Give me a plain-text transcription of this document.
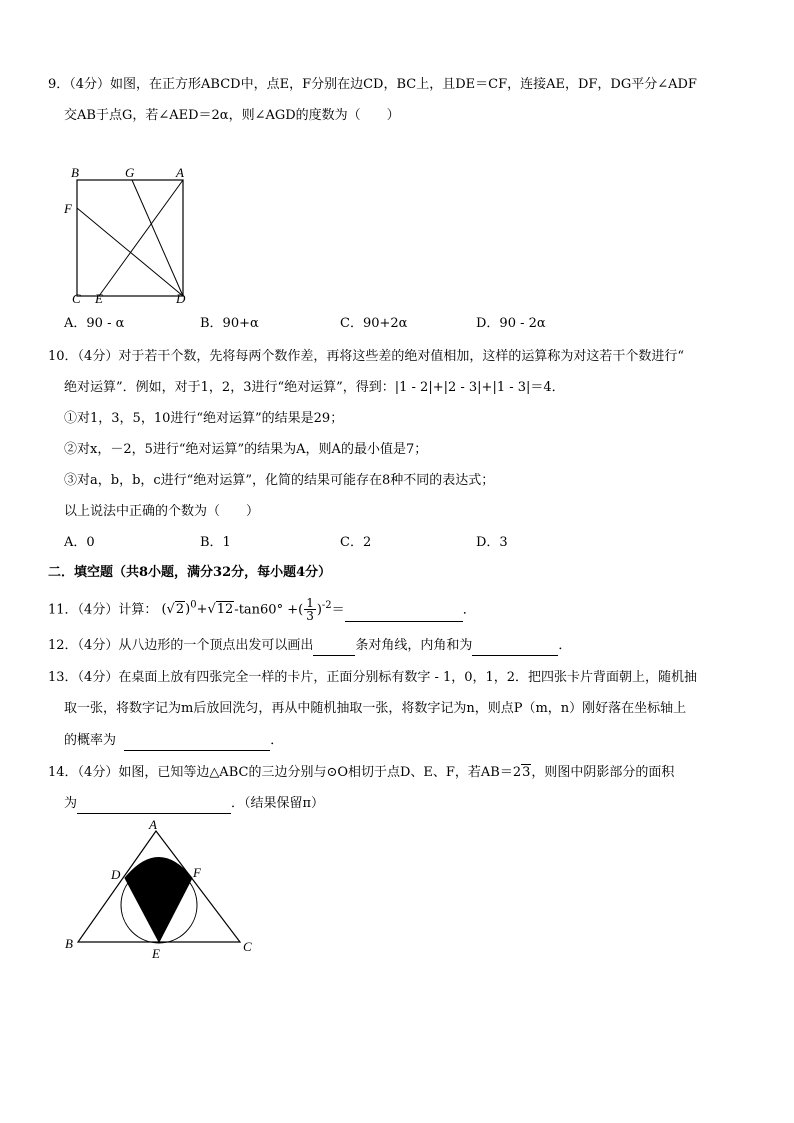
9．（4分）如图，在正方形ABCD中，点E，F分别在边CD，BC上，且DE＝CF，连接AE，DF，DG平分∠ADF
交AB于点G，若∠AED＝2α，则∠AGD的度数为（　　）
B	G	A
F
C E	D
A．90 - α	B．90+α	C．90+2α	D．90 - 2α
10．（4分）对于若干个数，先将每两个数作差，再将这些差的绝对值相加，这样的运算称为对这若干个数进行“
绝对运算”．例如，对于1，2，3进行“绝对运算”，得到：|1 - 2|+|2 - 3|+|1 - 3|＝4．
①对1，3，5，10进行“绝对运算”的结果是29；
②对x，－2，5进行“绝对运算”的结果为A，则A的最小值是7；
③对a，b，b，c进行“绝对运算”，化简的结果可能存在8种不同的表达式；
以上说法中正确的个数为（　　）
A．0	B．1	C．2	D．3
二．填空题（共8小题，满分32分，每小题4分）
11．（4分）计算： $(√2)^0+√12-\tan 60^\circ$ +( $\frac{1}{3} )^{-2}=$	．
12．（4分）从八边形的一个顶点出发可以画出	条对角线，内角和为	．
13．（4分）在桌面上放有四张完全一样的卡片，正面分别标有数字 - 1，0，1，2．把四张卡片背面朝上，随机抽
取一张，将数字记为m后放回洗匀，再从中随机抽取一张，将数字记为n，则点P（m，n）刚好落在坐标轴上
的概率为	．
14．（4分）如图，已知等边△ABC的三边分别与⊙O相切于点D、E、F，若AB＝23，则图中阴影部分的面积
为	．（结果保留π）
A
D	F
B	C
E
